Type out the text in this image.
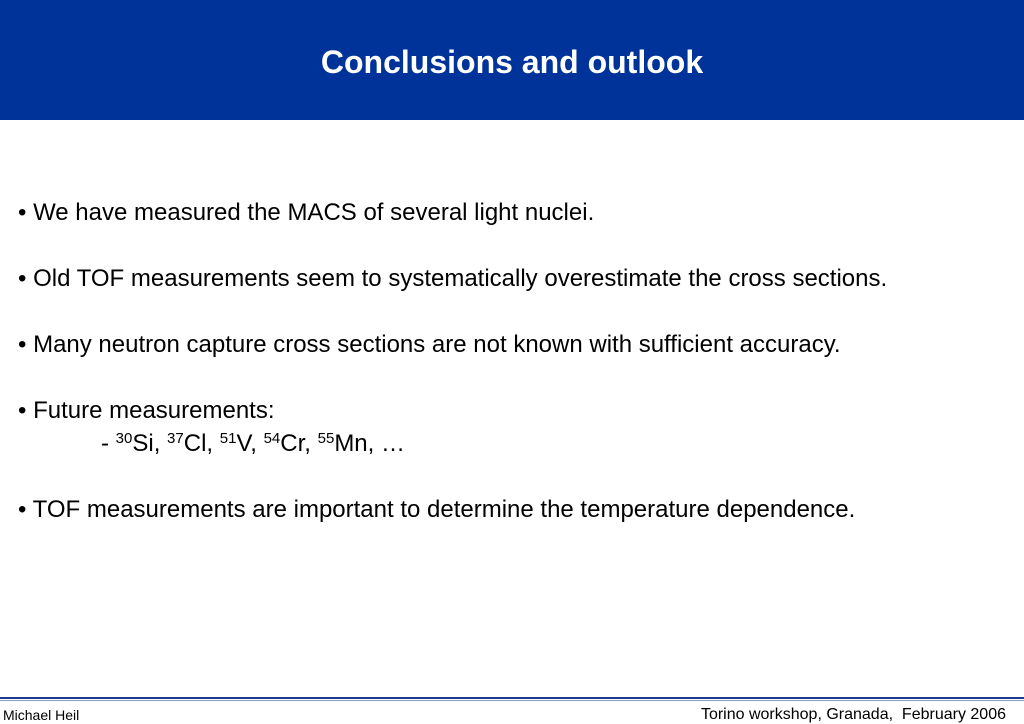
Conclusions and outlook

• We have measured the MACS of several light nuclei.

• Old TOF measurements seem to systematically overestimate the cross sections.

• Many neutron capture cross sections are not known with sufficient accuracy.

• Future measurements:

- $^{30}$Si, $^{37}$Cl, $^{51}$V, $^{54}$Cr, $^{55}$Mn, …

• TOF measurements are important to determine the temperature dependence.

Michael Heil	Torino workshop, Granada,  February 2006
